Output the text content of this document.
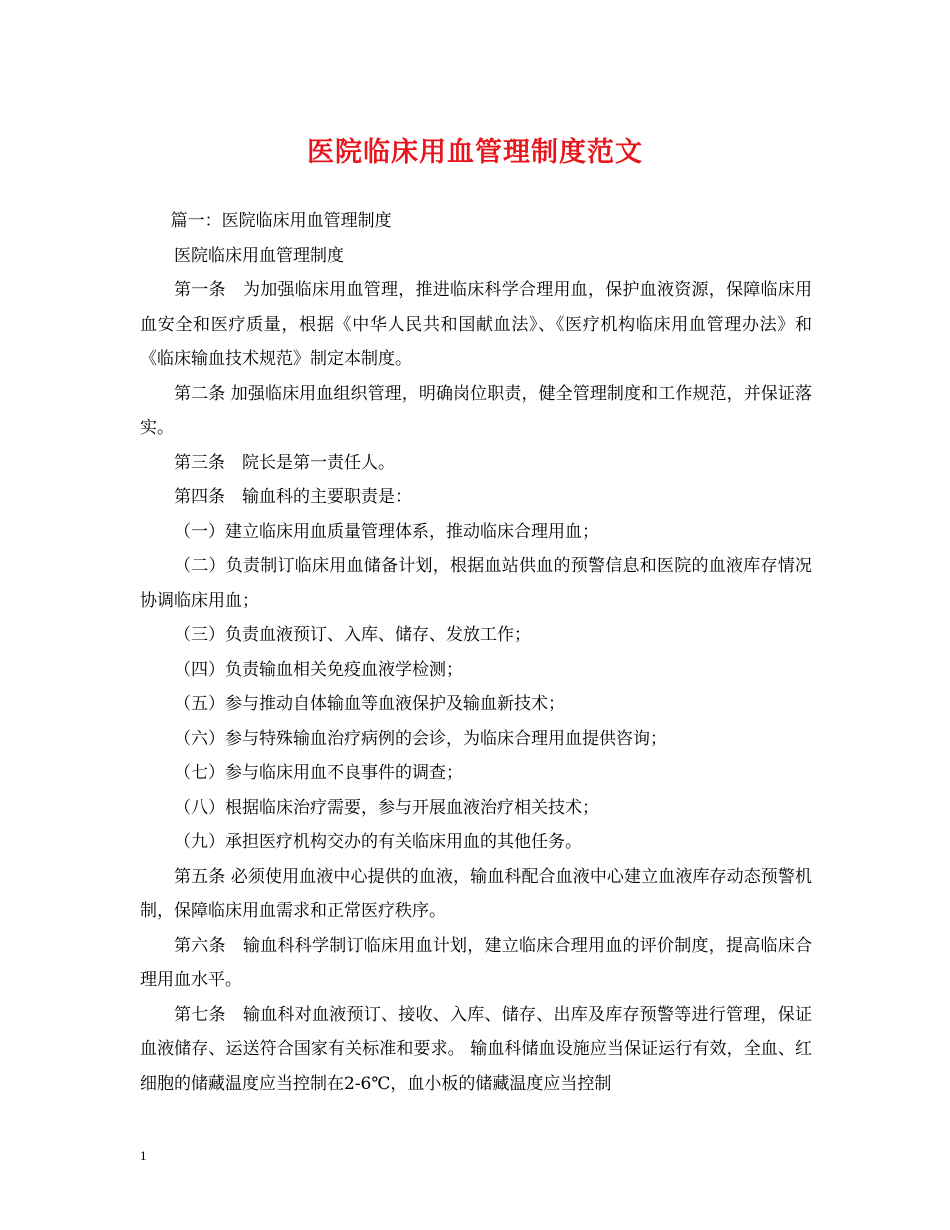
医院临床用血管理制度范文

篇一：医院临床用血管理制度

医院临床用血管理制度

第一条　为加强临床用血管理，推进临床科学合理用血，保护血液资源，保障临床用血安全和医疗质量，根据《中华人民共和国献血法》、《医疗机构临床用血管理办法》和《临床输血技术规范》制定本制度。

第二条 加强临床用血组织管理，明确岗位职责，健全管理制度和工作规范，并保证落实。

第三条　院长是第一责任人。

第四条　输血科的主要职责是：

（一）建立临床用血质量管理体系，推动临床合理用血；

（二）负责制订临床用血储备计划，根据血站供血的预警信息和医院的血液库存情况协调临床用血；

（三）负责血液预订、入库、储存、发放工作；

（四）负责输血相关免疫血液学检测；

（五）参与推动自体输血等血液保护及输血新技术；

（六）参与特殊输血治疗病例的会诊，为临床合理用血提供咨询；

（七）参与临床用血不良事件的调查；

（八）根据临床治疗需要，参与开展血液治疗相关技术；

（九）承担医疗机构交办的有关临床用血的其他任务。

第五条 必须使用血液中心提供的血液，输血科配合血液中心建立血液库存动态预警机制，保障临床用血需求和正常医疗秩序。

第六条　输血科科学制订临床用血计划，建立临床合理用血的评价制度，提高临床合理用血水平。

第七条　输血科对血液预订、接收、入库、储存、出库及库存预警等进行管理，保证血液储存、运送符合国家有关标准和要求。 输血科储血设施应当保证运行有效，全血、红细胞的储藏温度应当控制在2-6℃，血小板的储藏温度应当控制

1
